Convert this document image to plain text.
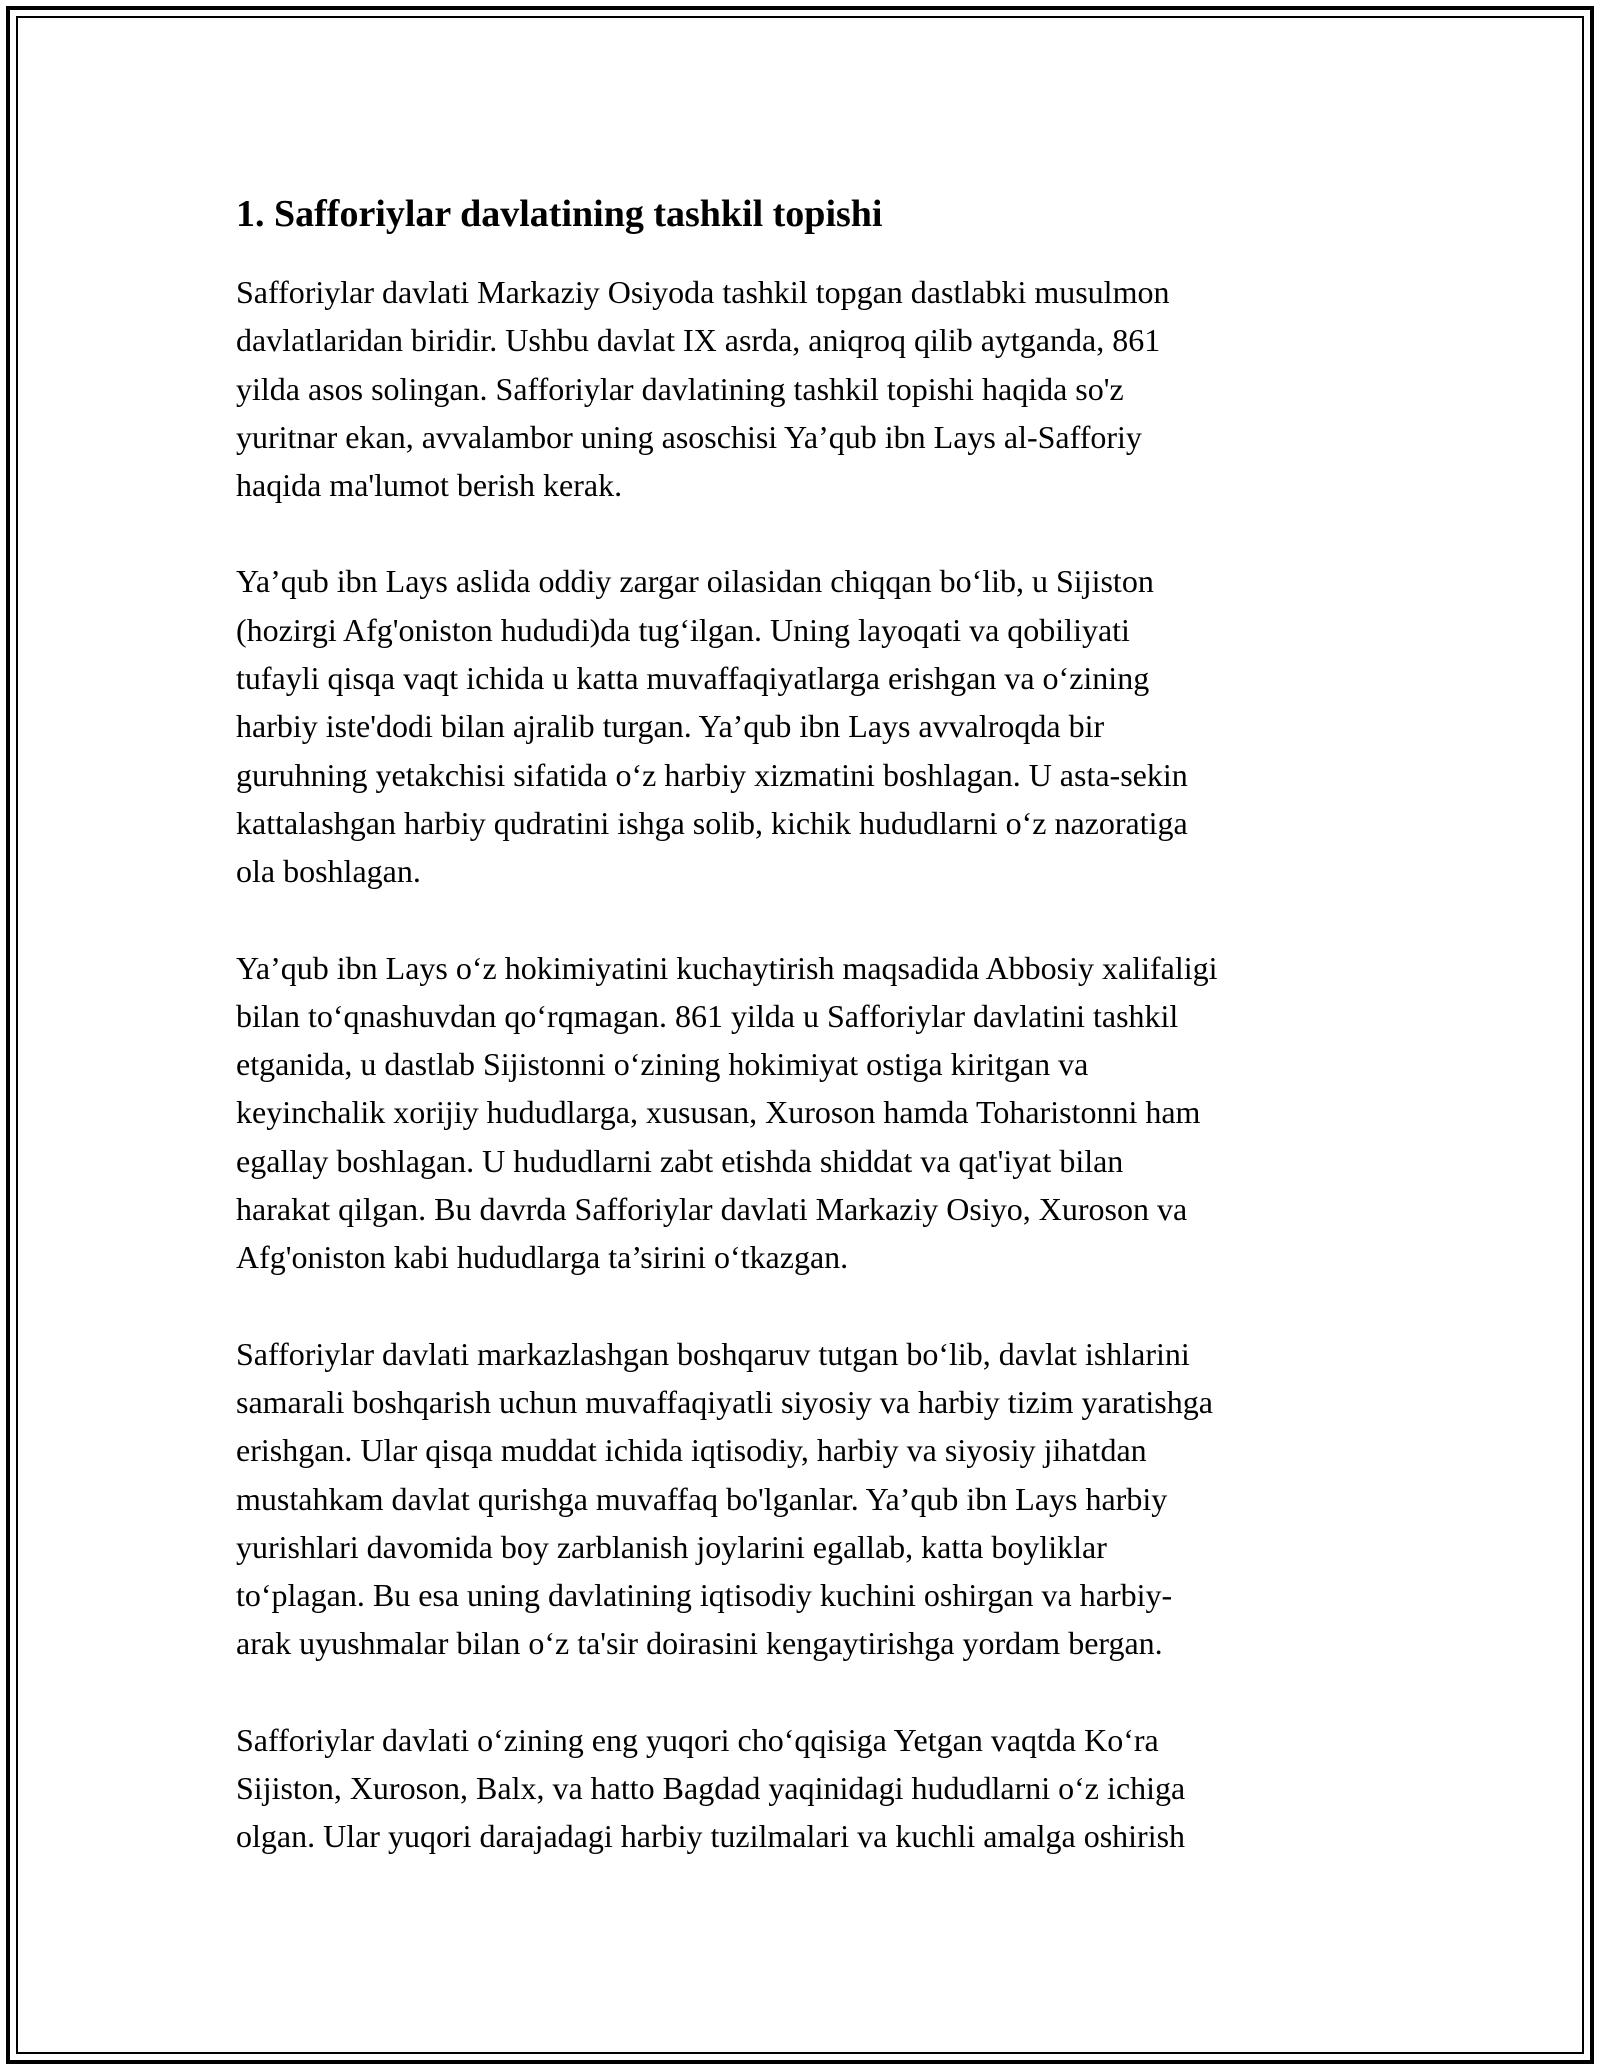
1. Safforiylar davlatining tashkil topishi

Safforiylar davlati Markaziy Osiyoda tashkil topgan dastlabki musulmon
davlatlaridan biridir. Ushbu davlat IX asrda, aniqroq qilib aytganda, 861
yilda asos solingan. Safforiylar davlatining tashkil topishi haqida so'z
yuritnar ekan, avvalambor uning asoschisi Ya’qub ibn Lays al-Safforiy
haqida ma'lumot berish kerak.

Ya’qub ibn Lays aslida oddiy zargar oilasidan chiqqan bo‘lib, u Sijiston
(hozirgi Afg'oniston hududi)da tug‘ilgan. Uning layoqati va qobiliyati
tufayli qisqa vaqt ichida u katta muvaffaqiyatlarga erishgan va o‘zining
harbiy iste'dodi bilan ajralib turgan. Ya’qub ibn Lays avvalroqda bir
guruhning yetakchisi sifatida o‘z harbiy xizmatini boshlagan. U asta-sekin
kattalashgan harbiy qudratini ishga solib, kichik hududlarni o‘z nazoratiga
ola boshlagan.

Ya’qub ibn Lays o‘z hokimiyatini kuchaytirish maqsadida Abbosiy xalifaligi
bilan to‘qnashuvdan qo‘rqmagan. 861 yilda u Safforiylar davlatini tashkil
etganida, u dastlab Sijistonni o‘zining hokimiyat ostiga kiritgan va
keyinchalik xorijiy hududlarga, xususan, Xuroson hamda Toharistonni ham
egallay boshlagan. U hududlarni zabt etishda shiddat va qat'iyat bilan
harakat qilgan. Bu davrda Safforiylar davlati Markaziy Osiyo, Xuroson va
Afg'oniston kabi hududlarga ta’sirini o‘tkazgan.

Safforiylar davlati markazlashgan boshqaruv tutgan bo‘lib, davlat ishlarini
samarali boshqarish uchun muvaffaqiyatli siyosiy va harbiy tizim yaratishga
erishgan. Ular qisqa muddat ichida iqtisodiy, harbiy va siyosiy jihatdan
mustahkam davlat qurishga muvaffaq bo'lganlar. Ya’qub ibn Lays harbiy
yurishlari davomida boy zarblanish joylarini egallab, katta boyliklar
to‘plagan. Bu esa uning davlatining iqtisodiy kuchini oshirgan va harbiy-
arak uyushmalar bilan o‘z ta'sir doirasini kengaytirishga yordam bergan.

Safforiylar davlati o‘zining eng yuqori cho‘qqisiga Yetgan vaqtda Ko‘ra
Sijiston, Xuroson, Balx, va hatto Bagdad yaqinidagi hududlarni o‘z ichiga
olgan. Ular yuqori darajadagi harbiy tuzilmalari va kuchli amalga oshirish
